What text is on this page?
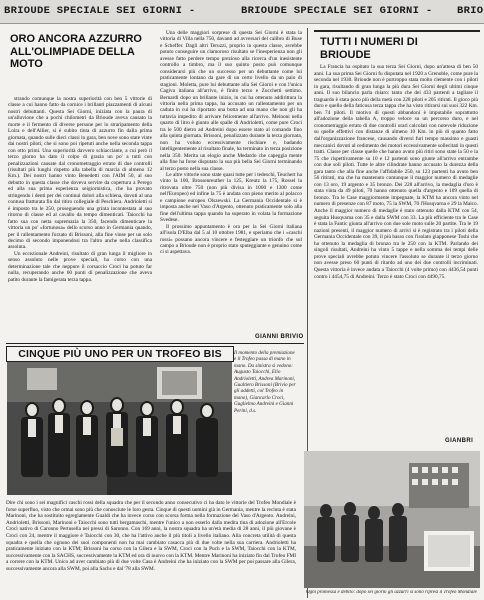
BRIOUDE SPECIALE SEI GIORNI -	BRIOUDE SPECIALE SEI GIORNI - BRIO
ORO ANCORA AZZURRO ALL'OLIMPIADE DELLA MOTO

strando comunque la nostra superiorità con ben 5 vittorie di classe a cui hanno fatto da cornice i brillanti piazzamenti di alcuni nostri debuttanti. Questa Sei Giorni, iniziata con la paura di un'alluvione che a pochi chilometri da Brioude aveva causato la morte e il fermento di diverse persone per lo straripamento della Loira e dell'Allier, si è subito tinta di azzurro fin dalla prima giornata, quando sulle dieci classi in gara, ben nove sono state vinte dai nostri piloti, che si sono poi ripetuti anche nella seconda tappa con otto primi. Una superiorità davvero schiacciante, a cui però il terzo giorno ha dato il colpo di grazia un po' a tutti con penalizzazioni causate dal cronometraggio errato di due controlli (risultati più lunghi rispetto alla tabella di marcia di almeno 12 Km.). Dei nostri hanno vinto Benedetti con l'AIM 50, al suo debutto in questa classe che doveva servire da copertura a Perego ed alla sua prima esperienza seigiornistica, che ha provato stringendo i denti per dei continui dolori alla schiena, dovuti al una contusa fratturata fin dal ritiro collegiale di Peschiera. Andrioletti si è imposto tra le 250, proseguendo una grinta incontestata al suo ritorno di classe ed al cavallo da tempo dimenticati. Taiocchi ha fatto sua con netta supremazia la 350, facendo dimenticare la vittoria un po' «fortunosa» dello scorso anno in Germania quando, per il rallentamento forzato di Brissoni, alla fine vinse per un solo decimo di secondo imponendosi tra l'altro anche nella classifica assoluta.

Un eccezionale Andreini, risultato di gran lunga il migliore in senso assoluto nelle prove speciali, ha corso con una determinazione tale che neppure il corsaccio Croci ha potuto far nulla, recuperando anche 60 punti di penalizzazione che aveva patito durante la famigerata terza tappa.

Una delle maggiori sorprese di questa Sei Giorni è stata la vittoria di Villa nella 750, davanti ad avversari del calibro di Buse e Scheffer. Dagli altri Teruzzi, proprio in questa classe, avrebbe potuto conseguire un clamoroso risultato se l'inesperienza non gli avesse fatto perdere tempo prezioso alla ricerca d'un inesistente controllo a timbro, ma il suo quinto posto può comunque considerarsi più che un successo per un debuttante come lui praticamente lontano da gare di un certo livello da un paio di stagioni. Moletta, pure lui debuttante alla Sei Giorni e con l'unica Cagiva italiana all'arrivo, è finito terzo e Zucchetti settimo. Bernardi dopo un brillante inizio, in cui ha ottenuto addirittura la vittoria nella prima tappa, ha accusato un rallentamento per un caduta in cui ha riportato una botta ad una mano che non gli ha tuttavia impedito di arrivare felicemente all'arrivo. Meinoni nella quarto di litro è giunto alle spalle di Andrioletti, come pure Croci tra le 500 dietro ad Andreini dopo essere stato al comando fino alla quinta giornata. Brissoni, penalizzato durante la terza giornata, non ha voluto eccessivamente rischiare e, badando intelligentemente al risultato finale, ha terminato in terza posizione nella 350. Merita un elogio anche Medardo che capeggia mente alla fine ha forse disputato la sua più bella Sei Giorni terminando al terzo posto nella sua classe.

Le altre vittorie sono state quasi tutte per i tedeschi, Teuchert ha vinto la 100, Brossenreuther la 125, Kreutz la 175, Rossel la ritrovata oltre 750 (non più divisa in 1000 e 1300 come nell'Europeo) ed infine la 75 è andata con pieno merito al polacco e campione europeo Olszewski. La Germania Occidentale si è imposta anche nel Vaso d'Argento, ottenuto praticamente solo alla fine dell'ultima tappa quando ha superato in volata la formazione Svedese.

Il prossimo appuntamento è ora per la Sei Giorni italiana all'isola D'Elba dal 5 al 10 ottobre 1981, e speriamo che i «caschi rossi» possano ancora vincere e festeggiare un trionfo che sul campo a Brioude non è proprio stato sputeggiante e genuino come ci si aspettava.

GIANNI BRIVIO
TUTTI I NUMERI DI BRIOUDE

La Francia ha ospitato la sua terza Sei Giorni, dopo un'attesa di ben 50 anni. La sua prima Sei Giorni fu disputata nel 1920 a Grenoble, come pure la seconda nel 1930. Brioude non è purtroppo stata molto clemente con i piloti in gara, risultando di gran lunga la più dura Sei Giorni degli ultimi cinque anni. Il suo bilancio parla chiaro: tanto che dei 433 partenti a tagliare il traguardo è stata poco più della metà con 228 piloti e 205 ritirati. Il gioco più duro e quello della faticosa terza tappa che ha visto ritirarsi sui suoi 322 Km. ben 74 piloti. Il motivo di questi abbandoni è imputabile soprattutto all'adozione della tabella A, troppo veloce su un percorso duro, e nel cronometraggio errato di due controlli orari calcolati con notevole riduzione su quelle effettivi con distanze di almeno 10 Km. in più di quanto fatto dall'organizzazione francese, causando diversi furi tempo massimo e guasti meccanici dovuti al cedimento dei motori eccessivamente sollecitati in questi tratti. Classe per classe quelle che hanno avuto più ritiri sono state la 50 e la 75 che rispettivamente su 10 e 12 partenti sono giunte all'arrivo entrambe con due soli piloti. Tutte le altre cilindrate hanno accusato la durezza della gara tanto che alla fine anche l'affidabile 250, su 123 partenti ha avuto ben 56 ritirati, ma che ha mantenuto comunque il maggior numero di medaglie con 13 oro, 19 argento e 35 bronzo. Dei 228 all'arrivo, la medaglia d'oro è stata vinta da 49 piloti, 70 hanno ottenuto quella d'argento e 109 quella di bronzo. Tra le Case maggiormente impegnate, la KTM ha ancora vinto nel numero di presenze con 87 moto, 75 la SWM, 70 l'Husqvarna e 29 la Maico. Anche il maggior numero di medaglie è stato ottenuto dalla KTM con 54, seguita Husqvarna con 35 e dalla SWM con 33. La più efficiente tra le Case è stata la Fantic giunta all'arrivo con due sole moto sulle 20 partite. Tra le 19 nazioni presenti, il maggior numero di arrivi si è registrato tra i piloti della Germania Occidentale con 39, il più basso con l'isolato giapponese Toshi che ha ottenuto la medaglia di bronzo tra le 250 con la KTM. Parlando dei singoli risultati, Andreini ha vinto 5 tappe e nella somma dei tempi delle prove speciali avrebbe potuto vincere l'assoluto se durante il terzo giorno non avesse preso 60 punti di ritardo ad uno dei due controlli incriminati. Questa vittoria è invece andata a Taiocchi (4 volte primo) con 4436,54 punti contro i 4454,75 di Andreini. Terzo è stato Croci con 4490,75.

GIANBRI
CINQUE PIÙ UNO PER UN TROFEO BIS	Il momento della premiazione e il Trofeo passa di mano in mano. Da sinistra si vedono: Augusto Taiocchi, Elio Andrioletti, Andrea Marinoni, Gualtiero Brissoni (Brivio per gli addetti, col Trofeo in mano), Giancarlo Croci, Guglielmo Andreini e Gianni Perini, d.s.

Dire chi sono i sei magnifici caschi rossi della squadra che per il secondo anno consecutivo ci ha dato le vittorie del Trofeo Mondiale è forse superfluo, visto che ormai sono più che conosciute le loro gesta. Cinque di questi uomini già in Germania, mentre la recluta è stata Marinoni, che ha sostituito egregiamente Gualdi che ha invece corso con scorsa forma nella formazione del Vaso d'Argento. Andreini, Andrioletti, Brissoni, Marinoni e Taiocchi sono tutti bergamaschi, mentre l'unico a non esserlo dalla medita tina di adozione all'Ercole Crocì nativo di Caronno Pertusella nei pressi di Saronno. Con 169 anni, la nostra squadra ha un'età media di 28 anni, il più giovane è Croci con 24, mentre il maggiore è Taiocchi con 30, che ha l'attivo anche il più titoli a livello italiano. Alla concreta utilità di questa squadra e quella che ognuno dei suoi componenti non ha mai cambiato casacca più di due volte nella sua carriera. Andrioletti ha praticamente iniziato con la KTM; Brissoni ha corso con la Gilera e la SWM, Croci con la Puch e la SWM, Taiocchi con la KTM, successivamente con la SACHS, successivamente la KTM ed ora di nuovo con la KTM. Mentre Marinoni ha iniziato fin dal Trofeo FMI a correre con la KTM. Unico ad aver cambiato più di due volte Casa è Andreini che ha iniziato con la SWM per poi passare alla Gilera, successivamente ancora alla SWM, poi alla Sachs e dal '78 alla SWM.

Ogni promessa è debito: dopo sei giorni gli azzurri si sono ripresi il Trofeo Mondiale
